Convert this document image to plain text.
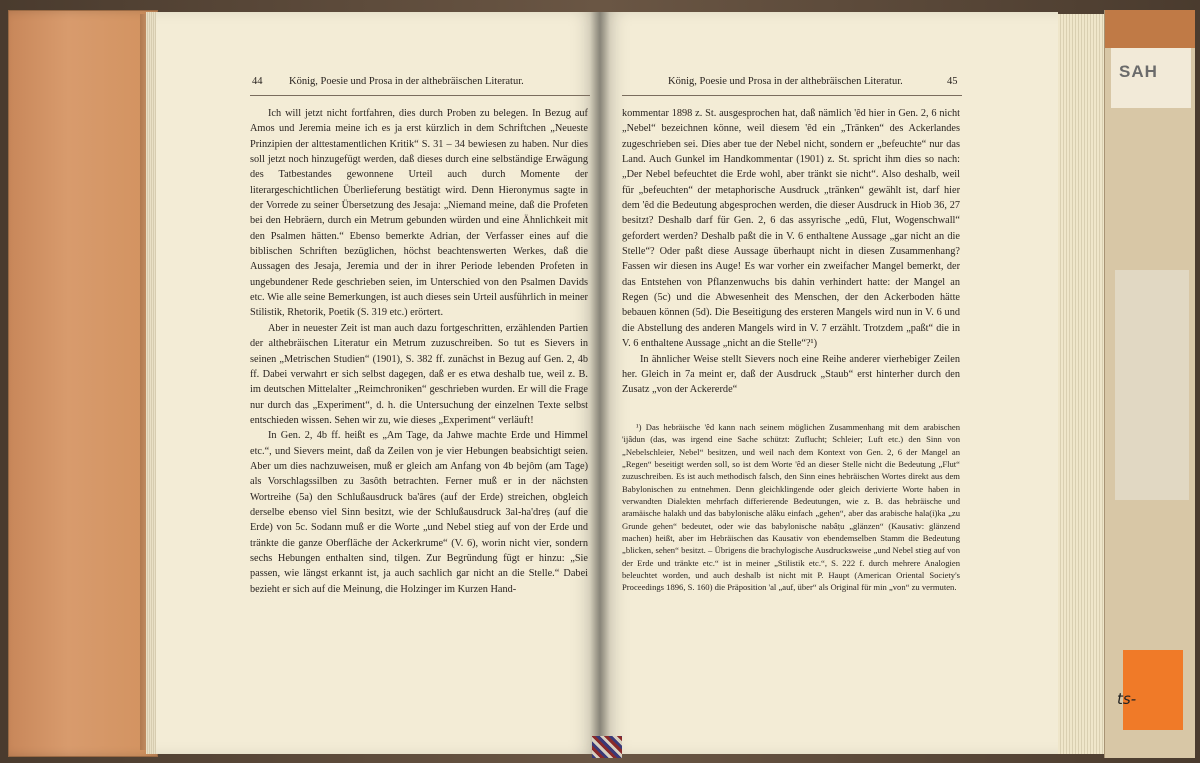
SAH
ts-
44	König, Poesie und Prosa in der althebräischen Literatur.

Ich will jetzt nicht fortfahren, dies durch Proben zu belegen. In Bezug auf Amos und Jeremia meine ich es ja erst kürzlich in dem Schriftchen „Neueste Prinzipien der alttestamentlichen Kritik“ S. 31 – 34 bewiesen zu haben. Nur dies soll jetzt noch hinzugefügt werden, daß dieses durch eine selbständige Erwägung des Tatbestandes gewonnene Urteil auch durch Momente der literargeschichtlichen Überlieferung bestätigt wird. Denn Hieronymus sagte in der Vorrede zu seiner Übersetzung des Jesaja: „Niemand meine, daß die Profeten bei den Hebräern, durch ein Metrum gebunden würden und eine Ähnlichkeit mit den Psalmen hätten.“ Ebenso bemerkte Adrian, der Verfasser eines auf die biblischen Schriften bezüglichen, höchst beachtenswerten Werkes, daß die Aussagen des Jesaja, Jeremia und der in ihrer Periode lebenden Profeten in ungebundener Rede geschrieben seien, im Unterschied von den Psalmen Davids etc. Wie alle seine Bemerkungen, ist auch dieses sein Urteil ausführlich in meiner Stilistik, Rhetorik, Poetik (S. 319 etc.) erörtert.

Aber in neuester Zeit ist man auch dazu fortgeschritten, erzählenden Partien der althebräischen Literatur ein Metrum zuzuschreiben. So tut es Sievers in seinen „Metrischen Studien“ (1901), S. 382 ff. zunächst in Bezug auf Gen. 2, 4b ff. Dabei verwahrt er sich selbst dagegen, daß er es etwa deshalb tue, weil z. B. im deutschen Mittelalter „Reimchroniken“ geschrieben wurden. Er will die Frage nur durch das „Experiment“, d. h. die Untersuchung der einzelnen Texte selbst entschieden wissen. Sehen wir zu, wie dieses „Experiment“ verläuft!

In Gen. 2, 4b ff. heißt es „Am Tage, da Jahwe machte Erde und Himmel etc.“, und Sievers meint, daß da Zeilen von je vier Hebungen beabsichtigt seien. Aber um dies nachzuweisen, muß er gleich am Anfang von 4b bejôm (am Tage) als Vorschlagssilben zu 3asôth betrachten. Ferner muß er in der nächsten Wortreihe (5a) den Schlußausdruck ba'âres (auf der Erde) streichen, obgleich derselbe ebenso viel Sinn besitzt, wie der Schlußausdruck 3al-ha'dreṣ (auf die Erde) von 5c. Sodann muß er die Worte „und Nebel stieg auf von der Erde und tränkte die ganze Oberfläche der Ackerkrume“ (V. 6), worin nicht vier, sondern sechs Hebungen enthalten sind, tilgen. Zur Begründung fügt er hinzu: „Sie passen, wie längst erkannt ist, ja auch sachlich gar nicht an die Stelle.“ Dabei bezieht er sich auf die Meinung, die Holzinger im Kurzen Hand-

König, Poesie und Prosa in der althebräischen Literatur.	45

kommentar 1898 z. St. ausgesprochen hat, daß nämlich 'êd hier in Gen. 2, 6 nicht „Nebel“ bezeichnen könne, weil diesem 'êd ein „Tränken“ des Ackerlandes zugeschrieben sei. Dies aber tue der Nebel nicht, sondern er „befeuchte“ nur das Land. Auch Gunkel im Handkommentar (1901) z. St. spricht ihm dies so nach: „Der Nebel befeuchtet die Erde wohl, aber tränkt sie nicht“. Also deshalb, weil für „befeuchten“ der metaphorische Ausdruck „tränken“ gewählt ist, darf hier dem 'êd die Bedeutung abgesprochen werden, die dieser Ausdruck in Hiob 36, 27 besitzt? Deshalb darf für Gen. 2, 6 das assyrische „edû, Flut, Wogenschwall“ gefordert werden? Deshalb paßt die in V. 6 enthaltene Aussage „gar nicht an die Stelle“? Oder paßt diese Aussage überhaupt nicht in diesen Zusammenhang? Fassen wir diesen ins Auge! Es war vorher ein zweifacher Mangel bemerkt, der das Entstehen von Pflanzenwuchs bis dahin verhindert hatte: der Mangel an Regen (5c) und die Abwesenheit des Menschen, der den Ackerboden hätte bebauen können (5d). Die Beseitigung des ersteren Mangels wird nun in V. 6 und die Abstellung des anderen Mangels wird in V. 7 erzählt. Trotzdem „paßt“ die in V. 6 enthaltene Aussage „nicht an die Stelle“?¹)

In ähnlicher Weise stellt Sievers noch eine Reihe anderer vierhebiger Zeilen her. Gleich in 7a meint er, daß der Ausdruck „Staub“ erst hinterher durch den Zusatz „von der Ackererde“

¹) Das hebräische 'êd kann nach seinem möglichen Zusammenhang mit dem arabischen 'ijâdun (das, was irgend eine Sache schützt: Zuflucht; Schleier; Luft etc.) den Sinn von „Nebelschleier, Nebel“ besitzen, und weil nach dem Kontext von Gen. 2, 6 der Mangel an „Regen“ beseitigt werden soll, so ist dem Worte 'êd an dieser Stelle nicht die Bedeutung „Flut“ zuzuschreiben. Es ist auch methodisch falsch, den Sinn eines hebräischen Wortes direkt aus dem Babylonischen zu entnehmen. Denn gleichklingende oder gleich derivierte Worte haben in verwandten Dialekten mehrfach differierende Bedeutungen, wie z. B. das hebräische und aramäische halakh und das babylonische alâku einfach „gehen“, aber das arabische hala(i)ka „zu Grunde gehen“ bedeutet, oder wie das babylonische nabâṭu „glänzen“ (Kausativ: glänzend machen) heißt, aber im Hebräischen das Kausativ von ebendemselben Stamm die Bedeutung „blicken, sehen“ besitzt. – Übrigens die brachylogische Ausdrucksweise „und Nebel stieg auf von der Erde und tränkte etc.“ ist in meiner „Stilistik etc.“, S. 222 f. durch mehrere Analogien beleuchtet worden, und auch deshalb ist nicht mit P. Haupt (American Oriental Society's Proceedings 1896, S. 160) die Präposition 'al „auf, über“ als Original für min „von“ zu vermuten.
